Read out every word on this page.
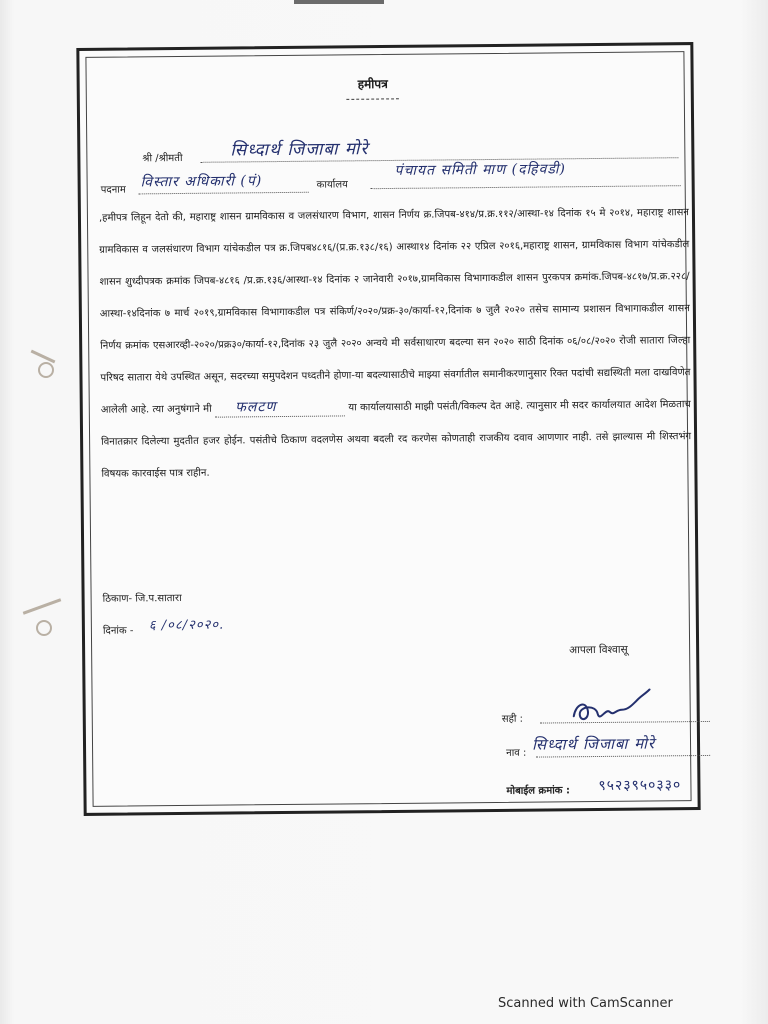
हमीपत्र
-----------
श्री /श्रीमती	सिध्दार्थ जिजाबा मोरे
पदनाम विस्तार अधिकारी (पं)	कार्यालय
पंचायत समिती माण (दहिवडी)
,हमीपत्र लिहून देतो की, महाराष्ट्र शासन ग्रामविकास व जलसंधारण विभाग, शासन निर्णय क्र.जिपब-४१४/प्र.क्र.११२/आस्था-१४ दिनांक १५ मे २०१४, महाराष्ट्र शासन ग्रामविकास व जलसंधारण विभाग यांचेकडील पत्र क्र.जिपब४८१६/(प्र.क्र.१३८/१६) आस्था१४ दिनांक २२ एप्रिल २०१६,महाराष्ट्र शासन, ग्रामविकास विभाग यांचेकडील शासन शुध्दीपत्रक क्रमांक जिपब-४८१६ /प्र.क्र.१३६/आस्था-१४ दिनांक २ जानेवारी २०१७,ग्रामविकास विभागाकडील शासन पुरकपत्र क्रमांक.जिपब-४८१७/प्र.क्र.२२८/आस्था-१४दिनांक ७ मार्च २०१९,ग्रामविकास विभागाकडील पत्र संकिर्ण/२०२०/प्रक्र-३०/कार्या-१२,दिनांक ७ जुलै २०२० तसेच सामान्य प्रशासन विभागाकडील शासन निर्णय क्रमांक एसआरव्ही-२०२०/प्रक्र३०/कार्या-१२,दिनांक २३ जुलै २०२० अन्वये मी सर्वसाधारण बदल्या सन २०२० साठी दिनांक ०६/०८/२०२० रोजी सातारा जिल्हा परिषद सातारा येथे उपस्थित असून, सदरच्या समुपदेशन पध्दतीने होणा-या बदल्यासाठीचे माझ्या संवर्गातील समानीकरणानुसार रिक्त पदांची सद्यस्थिती मला दाखविणेत आलेली आहे. त्या अनुषंगाने मी फलटण	या कार्यालयासाठी माझी पसंती/विकल्प देत आहे. त्यानुसार मी सदर कार्यालयात आदेश मिळताच विनातक्रार दिलेल्या मुदतीत हजर होईन. पसंतीचे ठिकाण वदलणेस अथवा बदली रद करणेस कोणताही राजकीय दवाव आणणार नाही. तसे झाल्यास मी शिस्तभंग विषयक कारवाईस पात्र राहीन.
ठिकाण- जि.प.सातारा
दिनांक - ६ /०८/२०२०.
आपला विश्वासू
सही :
नाव : सिध्दार्थ जिजाबा मोरे
मोबाईल क्रमांक : ९५२३९५०३३०
Scanned with CamScanner
